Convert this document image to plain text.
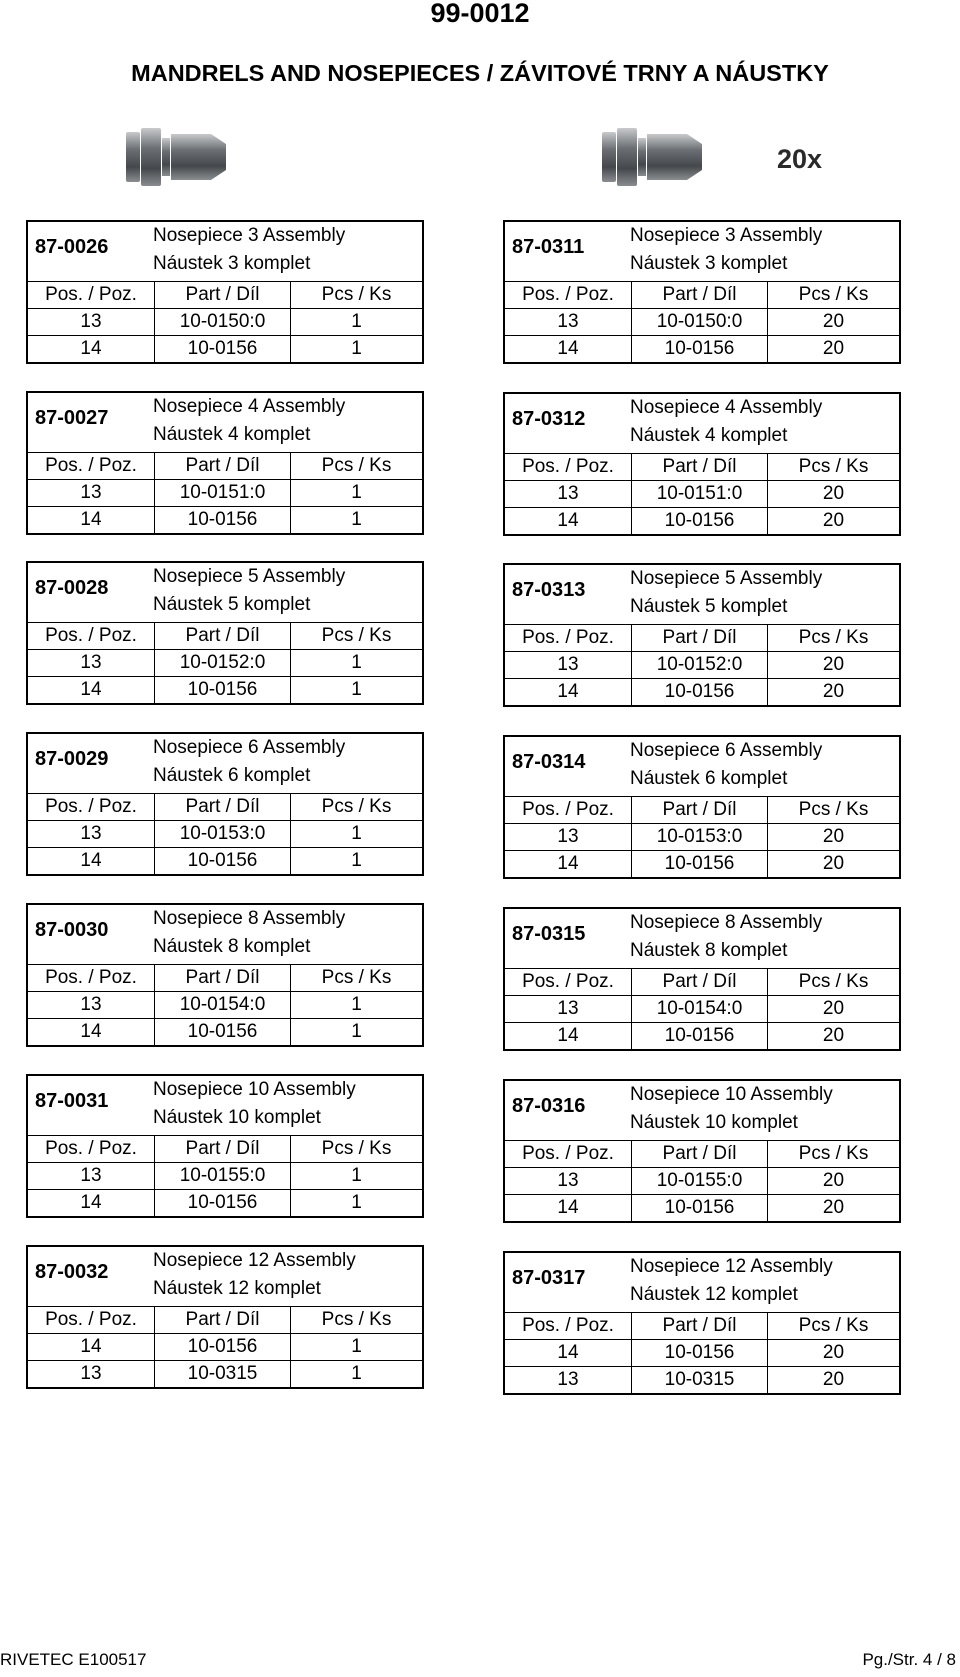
99-0012
MANDRELS AND NOSEPIECES / ZÁVITOVÉ TRNY A NÁUSTKY
20x
87-0026
Nosepiece 3 Assembly
Náustek 3 komplet
Pos. / Poz.	Part / Díl	Pcs / Ks
13	10-0150:0	1
14	10-0156	1
87-0027
Nosepiece 4 Assembly
Náustek 4 komplet
Pos. / Poz.	Part / Díl	Pcs / Ks
13	10-0151:0	1
14	10-0156	1
87-0028
Nosepiece 5 Assembly
Náustek 5 komplet
Pos. / Poz.	Part / Díl	Pcs / Ks
13	10-0152:0	1
14	10-0156	1
87-0029
Nosepiece 6 Assembly
Náustek 6 komplet
Pos. / Poz.	Part / Díl	Pcs / Ks
13	10-0153:0	1
14	10-0156	1
87-0030
Nosepiece 8 Assembly
Náustek 8 komplet
Pos. / Poz.	Part / Díl	Pcs / Ks
13	10-0154:0	1
14	10-0156	1
87-0031
Nosepiece 10 Assembly
Náustek 10 komplet
Pos. / Poz.	Part / Díl	Pcs / Ks
13	10-0155:0	1
14	10-0156	1
87-0032
Nosepiece 12 Assembly
Náustek 12 komplet
Pos. / Poz.	Part / Díl	Pcs / Ks
14	10-0156	1
13	10-0315	1
87-0311
Nosepiece 3 Assembly
Náustek 3 komplet
Pos. / Poz.	Part / Díl	Pcs / Ks
13	10-0150:0	20
14	10-0156	20
87-0312
Nosepiece 4 Assembly
Náustek 4 komplet
Pos. / Poz.	Part / Díl	Pcs / Ks
13	10-0151:0	20
14	10-0156	20
87-0313
Nosepiece 5 Assembly
Náustek 5 komplet
Pos. / Poz.	Part / Díl	Pcs / Ks
13	10-0152:0	20
14	10-0156	20
87-0314
Nosepiece 6 Assembly
Náustek 6 komplet
Pos. / Poz.	Part / Díl	Pcs / Ks
13	10-0153:0	20
14	10-0156	20
87-0315
Nosepiece 8 Assembly
Náustek 8 komplet
Pos. / Poz.	Part / Díl	Pcs / Ks
13	10-0154:0	20
14	10-0156	20
87-0316
Nosepiece 10 Assembly
Náustek 10 komplet
Pos. / Poz.	Part / Díl	Pcs / Ks
13	10-0155:0	20
14	10-0156	20
87-0317
Nosepiece 12 Assembly
Náustek 12 komplet
Pos. / Poz.	Part / Díl	Pcs / Ks
14	10-0156	20
13	10-0315	20
RIVETEC E100517	Pg./Str. 4 / 8
